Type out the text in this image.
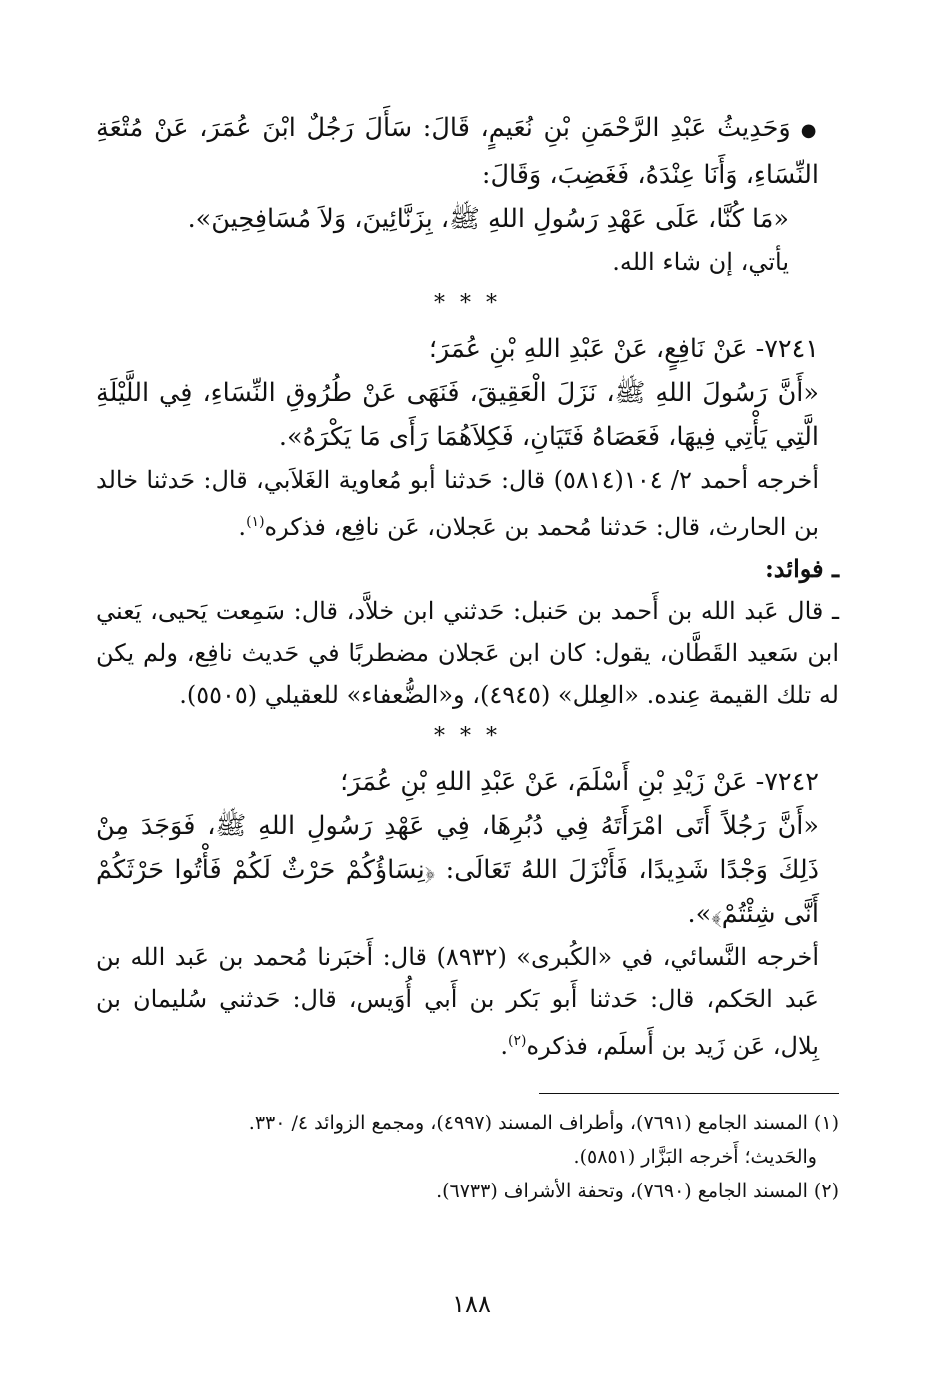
●وَحَدِيثُ عَبْدِ الرَّحْمَنِ بْنِ نُعَيمٍ، قَالَ: سَأَلَ رَجُلٌ ابْنَ عُمَرَ، عَنْ مُتْعَةِ النِّسَاءِ، وَأَنَا عِنْدَهُ، فَغَضِبَ، وَقَالَ:

«مَا كُنَّا، عَلَى عَهْدِ رَسُولِ اللهِ ﷺ، بِزَنَّائِينَ، وَلاَ مُسَافِحِينَ».

يأتي، إن شاء الله.

* * *

٧٢٤١- عَنْ نَافِعٍ، عَنْ عَبْدِ اللهِ بْنِ عُمَرَ؛

«أَنَّ رَسُولَ اللهِ ﷺ، نَزَلَ الْعَقِيقَ، فَنَهَى عَنْ طُرُوقِ النِّسَاءِ، فِي اللَّيْلَةِ الَّتِي يَأْتِي فِيهَا، فَعَصَاهُ فَتَيَانِ، فَكِلاَهُمَا رَأَى مَا يَكْرَهُ».

أخرجه أحمد ٢/ ١٠٤(٥٨١٤) قال: حَدثنا أبو مُعاوية الغَلاَبي، قال: حَدثنا خالد بن الحارث، قال: حَدثنا مُحمد بن عَجلان، عَن نافِع، فذكره$^{(١)}$.

ـ فوائد:

ـ قال عَبد الله بن أَحمد بن حَنبل: حَدثني ابن خلاَّد، قال: سَمِعت يَحيى، يَعني ابن سَعيد القَطَّان، يقول: كان ابن عَجلان مضطربًا في حَديث نافِع، ولم يكن له تلك القيمة عِنده. «العِلل» (٤٩٤٥)، و«الضُّعفاء» للعقيلي (٥٥٠٥).

* * *

٧٢٤٢- عَنْ زَيْدِ بْنِ أَسْلَمَ، عَنْ عَبْدِ اللهِ بْنِ عُمَرَ؛

«أَنَّ رَجُلاً أَتَى امْرَأَتَهُ فِي دُبُرِهَا، فِي عَهْدِ رَسُولِ اللهِ ﷺ، فَوَجَدَ مِنْ ذَلِكَ وَجْدًا شَدِيدًا، فَأَنْزَلَ اللهُ تَعَالَى: ﴿نِسَاؤُكُمْ حَرْثٌ لَكُمْ فَأْتُوا حَرْثَكُمْ أَنَّى شِئْتُمْ﴾».

أخرجه النَّسائي، في «الكُبرى» (٨٩٣٢) قال: أَخبَرنا مُحمد بن عَبد الله بن عَبد الحَكم، قال: حَدثنا أَبو بَكر بن أَبي أُوَيس، قال: حَدثني سُليمان بن بِلال، عَن زَيد بن أَسلَم، فذكره$^{(٢)}$.

(١) المسند الجامع (٧٦٩١)، وأطراف المسند (٤٩٩٧)، ومجمع الزوائد ٤/ ٣٣٠.

والحَديث؛ أَخرجه البَزَّار (٥٨٥١).

(٢) المسند الجامع (٧٦٩٠)، وتحفة الأشراف (٦٧٣٣).

١٨٨
